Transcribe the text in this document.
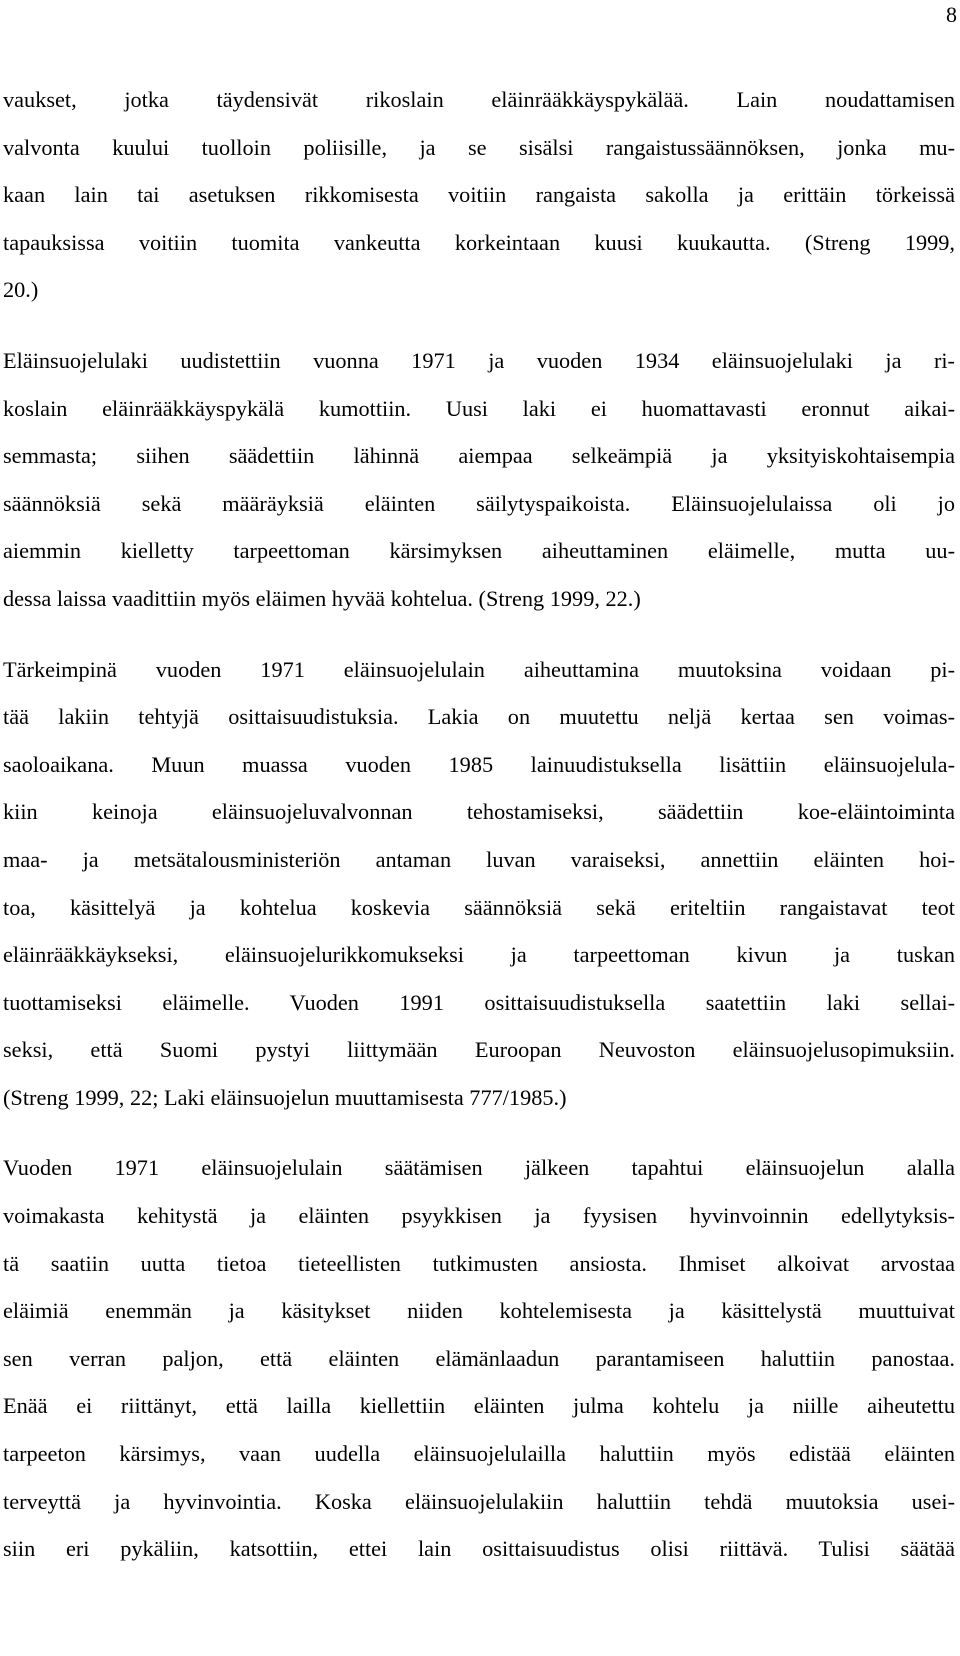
8
vaukset, jotka täydensivät rikoslain eläinrääkkäyspykälää. Lain noudattamisen
valvonta kuului tuolloin poliisille, ja se sisälsi rangaistussäännöksen, jonka mu-
kaan lain tai asetuksen rikkomisesta voitiin rangaista sakolla ja erittäin törkeissä
tapauksissa voitiin tuomita vankeutta korkeintaan kuusi kuukautta. (Streng 1999,
20.)
Eläinsuojelulaki uudistettiin vuonna 1971 ja vuoden 1934 eläinsuojelulaki ja ri-
koslain eläinrääkkäyspykälä kumottiin. Uusi laki ei huomattavasti eronnut aikai-
semmasta; siihen säädettiin lähinnä aiempaa selkeämpiä ja yksityiskohtaisempia
säännöksiä sekä määräyksiä eläinten säilytyspaikoista. Eläinsuojelulaissa oli jo
aiemmin kielletty tarpeettoman kärsimyksen aiheuttaminen eläimelle, mutta uu-
dessa laissa vaadittiin myös eläimen hyvää kohtelua. (Streng 1999, 22.)
Tärkeimpinä vuoden 1971 eläinsuojelulain aiheuttamina muutoksina voidaan pi-
tää lakiin tehtyjä osittaisuudistuksia. Lakia on muutettu neljä kertaa sen voimas-
saoloaikana. Muun muassa vuoden 1985 lainuudistuksella lisättiin eläinsuojelula-
kiin keinoja eläinsuojeluvalvonnan tehostamiseksi, säädettiin koe-eläintoiminta
maa- ja metsätalousministeriön antaman luvan varaiseksi, annettiin eläinten hoi-
toa, käsittelyä ja kohtelua koskevia säännöksiä sekä eriteltiin rangaistavat teot
eläinrääkkäykseksi, eläinsuojelurikkomukseksi ja tarpeettoman kivun ja tuskan
tuottamiseksi eläimelle. Vuoden 1991 osittaisuudistuksella saatettiin laki sellai-
seksi, että Suomi pystyi liittymään Euroopan Neuvoston eläinsuojelusopimuksiin.
(Streng 1999, 22; Laki eläinsuojelun muuttamisesta 777/1985.)
Vuoden 1971 eläinsuojelulain säätämisen jälkeen tapahtui eläinsuojelun alalla
voimakasta kehitystä ja eläinten psyykkisen ja fyysisen hyvinvoinnin edellytyksis-
tä saatiin uutta tietoa tieteellisten tutkimusten ansiosta. Ihmiset alkoivat arvostaa
eläimiä enemmän ja käsitykset niiden kohtelemisesta ja käsittelystä muuttuivat
sen verran paljon, että eläinten elämänlaadun parantamiseen haluttiin panostaa.
Enää ei riittänyt, että lailla kiellettiin eläinten julma kohtelu ja niille aiheutettu
tarpeeton kärsimys, vaan uudella eläinsuojelulailla haluttiin myös edistää eläinten
terveyttä ja hyvinvointia. Koska eläinsuojelulakiin haluttiin tehdä muutoksia usei-
siin eri pykäliin, katsottiin, ettei lain osittaisuudistus olisi riittävä. Tulisi säätää
